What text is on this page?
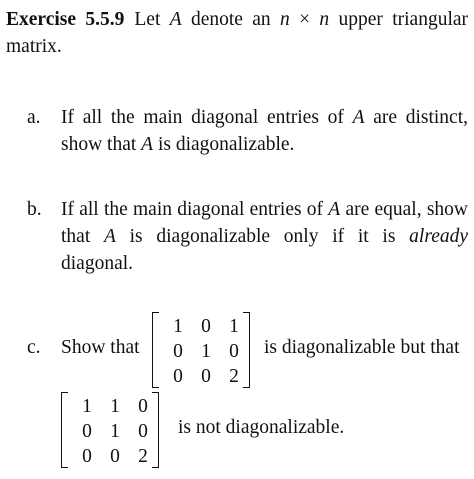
Exercise 5.5.9 Let A denote an n × n upper triangular matrix.
a.	If all the main diagonal entries of A are distinct, show that A is diagonalizable.
b. If all the main diagonal entries of A are equal, show that A is diagonalizable only if it is already diagonal.
c. Show that
1	0	1
0	1	0
0	0	2
is diagonalizable but that
1	1	0
0	1	0
0	0	2
is not diagonalizable.
